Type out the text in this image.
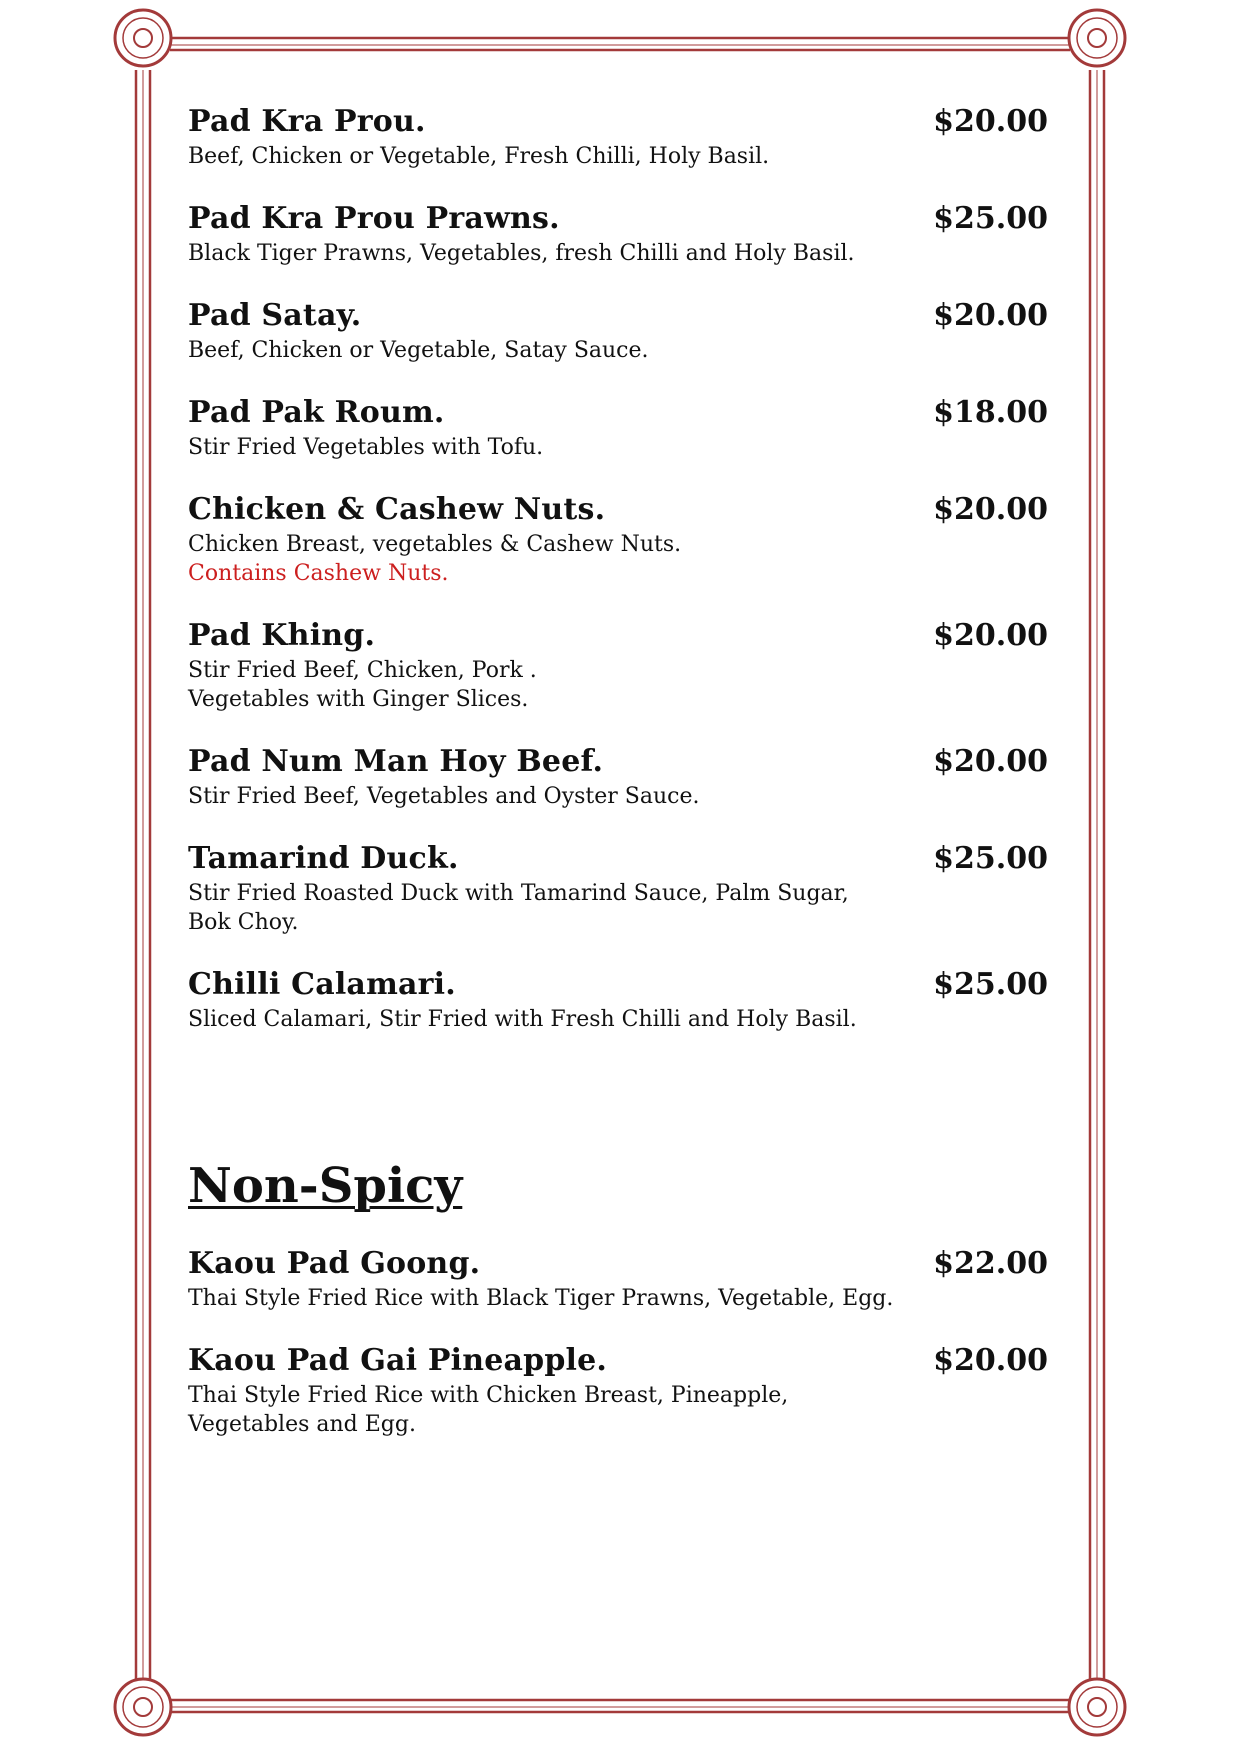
Pad Kra Prou.	$20.00
Beef, Chicken or Vegetable, Fresh Chilli, Holy Basil.
Pad Kra Prou Prawns.	$25.00
Black Tiger Prawns, Vegetables, fresh Chilli and Holy Basil.
Pad Satay.	$20.00
Beef, Chicken or Vegetable, Satay Sauce.
Pad Pak Roum.	$18.00
Stir Fried Vegetables with Tofu.
Chicken & Cashew Nuts.	$20.00
Chicken Breast, vegetables & Cashew Nuts.
Contains Cashew Nuts.
Pad Khing.	$20.00
Stir Fried Beef, Chicken, Pork .
Vegetables with Ginger Slices.
Pad Num Man Hoy Beef.	$20.00
Stir Fried Beef, Vegetables and Oyster Sauce.
Tamarind Duck.	$25.00
Stir Fried Roasted Duck with Tamarind Sauce, Palm Sugar,
Bok Choy.
Chilli Calamari.	$25.00
Sliced Calamari, Stir Fried with Fresh Chilli and Holy Basil.
Non-Spicy
Kaou Pad Goong.	$22.00
Thai Style Fried Rice with Black Tiger Prawns, Vegetable, Egg.
Kaou Pad Gai Pineapple.	$20.00
Thai Style Fried Rice with Chicken Breast, Pineapple,
Vegetables and Egg.
